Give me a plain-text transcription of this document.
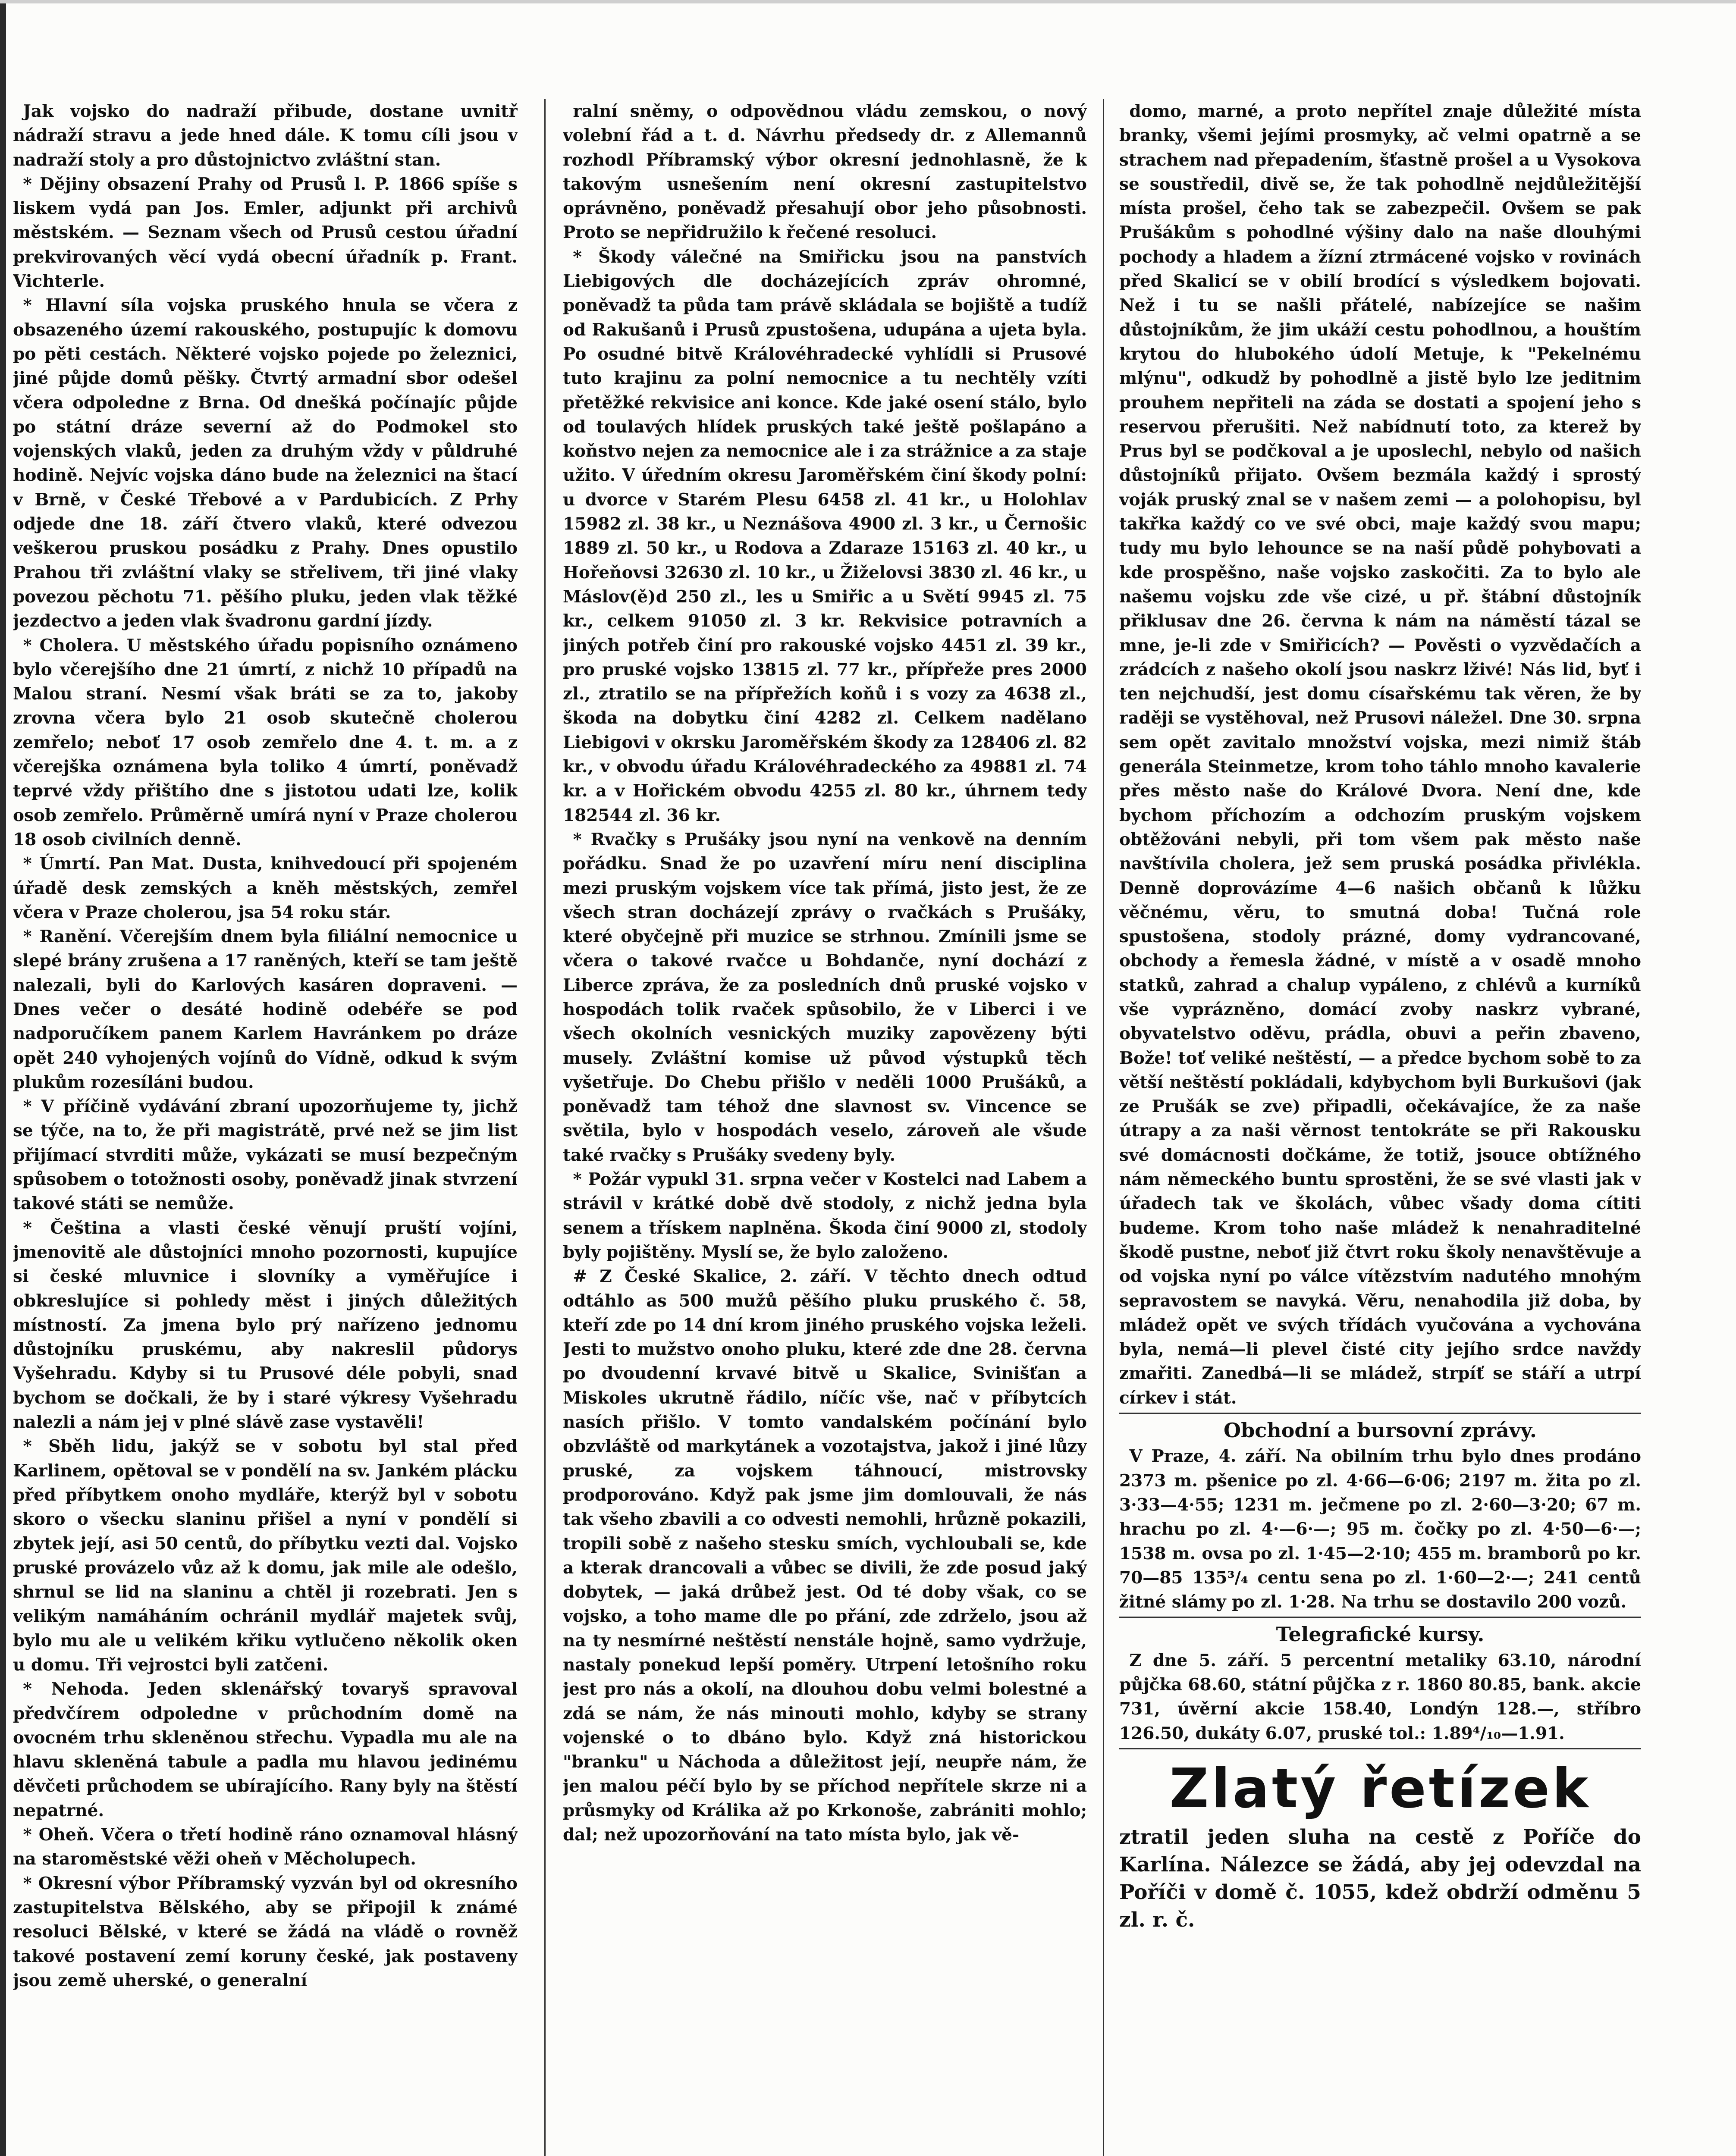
Jak vojsko do nadraží přibude, dostane uvnitř nádraží stravu a jede hned dále. K tomu cíli jsou v nadraží stoly a pro důstojnictvo zvláštní stan.

* Dějiny obsazení Prahy od Prusů l. P. 1866 spíše s liskem vydá pan Jos. Emler, adjunkt při archivů městském. — Seznam všech od Prusů cestou úřadní prekvirovaných věcí vydá obecní úřadník p. Frant. Vichterle.

* Hlavní síla vojska pruského hnula se včera z obsazeného území rakouského, postupujíc k domovu po pěti cestách. Některé vojsko pojede po železnici, jiné půjde domů pěšky. Čtvrtý armadní sbor odešel včera odpoledne z Brna. Od dnešká počínajíc půjde po státní dráze severní až do Podmokel sto vojenských vlaků, jeden za druhým vždy v půldruhé hodině. Nejvíc vojska dáno bude na železnici na štací v Brně, v České Třebové a v Pardubicích. Z Prhy odjede dne 18. září čtvero vlaků, které odvezou veškerou pruskou posádku z Prahy. Dnes opustilo Prahou tři zvláštní vlaky se střelivem, tři jiné vlaky povezou pěchotu 71. pěšího pluku, jeden vlak těžké jezdectvo a jeden vlak švadronu gardní jízdy.

* Cholera. U městského úřadu popisního oznámeno bylo včerejšího dne 21 úmrtí, z nichž 10 případů na Malou straní. Nesmí však bráti se za to, jakoby zrovna včera bylo 21 osob skutečně cholerou zemřelo; neboť 17 osob zemřelo dne 4. t. m. a z včerejška oznámena byla toliko 4 úmrtí, poněvadž teprvé vždy přištího dne s jistotou udati lze, kolik osob zemřelo. Průměrně umírá nyní v Praze cholerou 18 osob civilních denně.

* Úmrtí. Pan Mat. Dusta, knihvedoucí při spojeném úřadě desk zemských a kněh městských, zemřel včera v Praze cholerou, jsa 54 roku stár.

* Ranění. Včerejším dnem byla filiální nemocnice u slepé brány zrušena a 17 raněných, kteří se tam ještě nalezali, byli do Karlových kasáren dopraveni. — Dnes večer o desáté hodině odebéře se pod nadporučíkem panem Karlem Havránkem po dráze opět 240 vyhojených vojínů do Vídně, odkud k svým plukům rozesíláni budou.

* V příčině vydávání zbraní upozorňujeme ty, jichž se týče, na to, že při magistrátě, prvé než se jim list přijímací stvrditi může, vykázati se musí bezpečným spůsobem o totožnosti osoby, poněvadž jinak stvrzení takové státi se nemůže.

* Čeština a vlasti české věnují pruští vojíni, jmenovitě ale důstojníci mnoho pozornosti, kupujíce si české mluvnice i slovníky a vyměřujíce i obkreslujíce si pohledy měst i jiných důležitých místností. Za jmena bylo prý nařízeno jednomu důstojníku pruskému, aby nakreslil půdorys Vyšehradu. Kdyby si tu Prusové déle pobyli, snad bychom se dočkali, že by i staré výkresy Vyšehradu nalezli a nám jej v plné slávě zase vystavěli!

* Sběh lidu, jakýž se v sobotu byl stal před Karlinem, opětoval se v pondělí na sv. Jankém plácku před příbytkem onoho mydláře, kterýž byl v sobotu skoro o všecku slaninu přišel a nyní v pondělí si zbytek její, asi 50 centů, do příbytku vezti dal. Vojsko pruské provázelo vůz až k domu, jak mile ale odešlo, shrnul se lid na slaninu a chtěl ji rozebrati. Jen s velikým namáháním ochránil mydlář majetek svůj, bylo mu ale u velikém křiku vytlučeno několik oken u domu. Tři vejrostci byli zatčeni.

* Nehoda. Jeden sklenářský tovaryš spravoval předvčírem odpoledne v průchodním domě na ovocném trhu skleněnou střechu. Vypadla mu ale na hlavu skleněná tabule a padla mu hlavou jedinému děvčeti průchodem se ubírajícího. Rany byly na štěstí nepatrné.

* Oheň. Včera o třetí hodině ráno oznamoval hlásný na staroměstské věži oheň v Měcholupech.

* Okresní výbor Příbramský vyzván byl od okresního zastupitelstva Bělského, aby se připojil k známé resoluci Bělské, v které se žádá na vládě o rovněž takové postavení zemí koruny české, jak postaveny jsou země uherské, o generalní

ralní sněmy, o odpovědnou vládu zemskou, o nový volební řád a t. d. Návrhu předsedy dr. z Allemannů rozhodl Příbramský výbor okresní jednohlasně, že k takovým usnešením není okresní zastupitelstvo oprávněno, poněvadž přesahují obor jeho působnosti. Proto se nepřidružilo k řečené resoluci.

* Škody válečné na Smiřicku jsou na panstvích Liebigových dle docházejících zpráv ohromné, poněvadž ta půda tam právě skládala se bojiště a tudíž od Rakušanů i Prusů zpustošena, udupána a ujeta byla. Po osudné bitvě Královéhradecké vyhlídli si Prusové tuto krajinu za polní nemocnice a tu nechtěly vzíti přetěžké rekvisice ani konce. Kde jaké osení stálo, bylo od toulavých hlídek pruských také ještě pošlapáno a koňstvo nejen za nemocnice ale i za strážnice a za staje užito. V úředním okresu Jaroměřském činí škody polní: u dvorce v Starém Plesu 6458 zl. 41 kr., u Holohlav 15982 zl. 38 kr., u Neznášova 4900 zl. 3 kr., u Černošic 1889 zl. 50 kr., u Rodova a Zdaraze 15163 zl. 40 kr., u Hořeňovsi 32630 zl. 10 kr., u Žiželovsi 3830 zl. 46 kr., u Máslov(ě)d 250 zl., les u Smiřic a u Světí 9945 zl. 75 kr., celkem 91050 zl. 3 kr. Rekvisice potravních a jiných potřeb činí pro rakouské vojsko 4451 zl. 39 kr., pro pruské vojsko 13815 zl. 77 kr., přípřeže pres 2000 zl., ztratilo se na přípřežích koňů i s vozy za 4638 zl., škoda na dobytku činí 4282 zl. Celkem nadělano Liebigovi v okrsku Jaroměřském škody za 128406 zl. 82 kr., v obvodu úřadu Královéhradeckého za 49881 zl. 74 kr. a v Hořickém obvodu 4255 zl. 80 kr., úhrnem tedy 182544 zl. 36 kr.

* Rvačky s Prušáky jsou nyní na venkově na denním pořádku. Snad že po uzavření míru není disciplina mezi pruským vojskem více tak přímá, jisto jest, že ze všech stran docházejí zprávy o rvačkách s Prušáky, které obyčejně při muzice se strhnou. Zmínili jsme se včera o takové rvačce u Bohdanče, nyní dochází z Liberce zpráva, že za posledních dnů pruské vojsko v hospodách tolik rvaček spůsobilo, že v Liberci i ve všech okolních vesnických muziky zapovězeny býti musely. Zvláštní komise už původ výstupků těch vyšetřuje. Do Chebu přišlo v neděli 1000 Prušáků, a poněvadž tam téhož dne slavnost sv. Vincence se světila, bylo v hospodách veselo, zároveň ale všude také rvačky s Prušáky svedeny byly.

* Požár vypukl 31. srpna večer v Kostelci nad Labem a strávil v krátké době dvě stodoly, z nichž jedna byla senem a třískem naplněna. Škoda činí 9000 zl, stodoly byly pojištěny. Myslí se, že bylo založeno.

# Z České Skalice, 2. září. V těchto dnech odtud odtáhlo as 500 mužů pěšího pluku pruského č. 58, kteří zde po 14 dní krom jiného pruského vojska leželi. Jesti to mužstvo onoho pluku, které zde dne 28. června po dvoudenní krvavé bitvě u Skalice, Svinišťan a Miskoles ukrutně řádilo, níčíc vše, nač v příbytcích nasích přišlo. V tomto vandalském počínání bylo obzvláště od markytánek a vozotajstva, jakož i jiné lůzy pruské, za vojskem táhnoucí, mistrovsky prodporováno. Když pak jsme jim domlouvali, že nás tak všeho zbavili a co odvesti nemohli, hrůzně pokazili, tropili sobě z našeho stesku smích, vychloubali se, kde a kterak drancovali a vůbec se divili, že zde posud jaký dobytek, — jaká drůbež jest. Od té doby však, co se vojsko, a toho mame dle po přání, zde zdrželo, jsou až na ty nesmírné neštěstí nenstále hojně, samo vydržuje, nastaly ponekud lepší poměry. Utrpení letošního roku jest pro nás a okolí, na dlouhou dobu velmi bolestné a zdá se nám, že nás minouti mohlo, kdyby se strany vojenské o to dbáno bylo. Když zná historickou "branku" u Náchoda a důležitost její, neupře nám, že jen malou péčí bylo by se příchod nepřítele skrze ni a průsmyky od Králika až po Krkonoše, zabrániti mohlo; dal; než upozorňování na tato místa bylo, jak vě-

domo, marné, a proto nepřítel znaje důležité místa branky, všemi jejími prosmyky, ač velmi opatrně a se strachem nad přepadením, šťastně prošel a u Vysokova se soustředil, divě se, že tak pohodlně nejdůležitější místa prošel, čeho tak se zabezpečil. Ovšem se pak Prušákům s pohodlné výšiny dalo na naše dlouhými pochody a hladem a žízní ztrmácené vojsko v rovinách před Skalicí se v obilí brodící s výsledkem bojovati. Než i tu se našli přátelé, nabízejíce se našim důstojníkům, že jim ukáží cestu pohodlnou, a houštím krytou do hlubokého údolí Metuje, k "Pekelnému mlýnu", odkudž by pohodlně a jistě bylo lze jeditnim prouhem nepřiteli na záda se dostati a spojení jeho s reservou přerušiti. Než nabídnutí toto, za kterež by Prus byl se podčkoval a je uposlechl, nebylo od našich důstojníků přijato. Ovšem bezmála každý i sprostý voják pruský znal se v našem zemi — a polohopisu, byl takřka každý co ve své obci, maje každý svou mapu; tudy mu bylo lehounce se na naší půdě pohybovati a kde prospěšno, naše vojsko zaskočiti. Za to bylo ale našemu vojsku zde vše cizé, u př. štábní důstojník přiklusav dne 26. června k nám na náměstí tázal se mne, je-li zde v Smiřicích? — Pověsti o vyzvědačích a zrádcích z našeho okolí jsou naskrz lživé! Nás lid, byť i ten nejchudší, jest domu císařskému tak věren, že by raději se vystěhoval, než Prusovi náležel. Dne 30. srpna sem opět zavitalo množství vojska, mezi nimiž štáb generála Steinmetze, krom toho táhlo mnoho kavalerie přes město naše do Králové Dvora. Není dne, kde bychom příchozím a odchozím pruským vojskem obtěžováni nebyli, při tom všem pak město naše navštívila cholera, jež sem pruská posádka přivlékla. Denně doprovázíme 4—6 našich občanů k lůžku věčnému, věru, to smutná doba! Tučná role spustošena, stodoly prázné, domy vydrancované, obchody a řemesla žádné, v místě a v osadě mnoho statků, zahrad a chalup vypáleno, z chlévů a kurníků vše vyprázněno, domácí zvoby naskrz vybrané, obyvatelstvo oděvu, prádla, obuvi a peřin zbaveno, Bože! toť veliké neštěstí, — a předce bychom sobě to za větší neštěstí pokládali, kdybychom byli Burkušovi (jak ze Prušák se zve) připadli, očekávajíce, že za naše útrapy a za naši věrnost tentokráte se při Rakousku své domácnosti dočkáme, že totiž, jsouce obtížného nám německého buntu sprostěni, že se své vlasti jak v úřadech tak ve školách, vůbec všady doma cítiti budeme. Krom toho naše mládež k nenahraditelné škodě pustne, neboť již čtvrt roku školy nenavštěvuje a od vojska nyní po válce vítězstvím nadutého mnohým sepravostem se navyká. Věru, nenahodila již doba, by mládež opět ve svých třídách vyučována a vychována byla, nemá—li plevel čisté city jejího srdce navždy zmařiti. Zanedbá—li se mládež, strpíť se stáří a utrpí církev i stát.

Obchodní a bursovní zprávy.

V Praze, 4. září. Na obilním trhu bylo dnes prodáno 2373 m. pšenice po zl. 4·66—6·06; 2197 m. žita po zl. 3·33—4·55; 1231 m. ječmene po zl. 2·60—3·20; 67 m. hrachu po zl. 4·—6·—; 95 m. čočky po zl. 4·50—6·—; 1538 m. ovsa po zl. 1·45—2·10; 455 m. bramborů po kr. 70—85 135³/₄ centu sena po zl. 1·60—2·—; 241 centů žitné slámy po zl. 1·28. Na trhu se dostavilo 200 vozů.

Telegrafické kursy.

Z dne 5. září. 5 percentní metaliky 63.10, národní půjčka 68.60, státní půjčka z r. 1860 80.85, bank. akcie 731, úvěrní akcie 158.40, Londýn 128.—, stříbro 126.50, dukáty 6.07, pruské tol.: 1.89⁴/₁₀—1.91.

Zlatý řetízek
ztratil jeden sluha na cestě z Poříče do Karlína. Nálezce se žádá, aby jej odevzdal na Poříči v domě č. 1055, kdež obdrží odměnu 5 zl. r. č.
